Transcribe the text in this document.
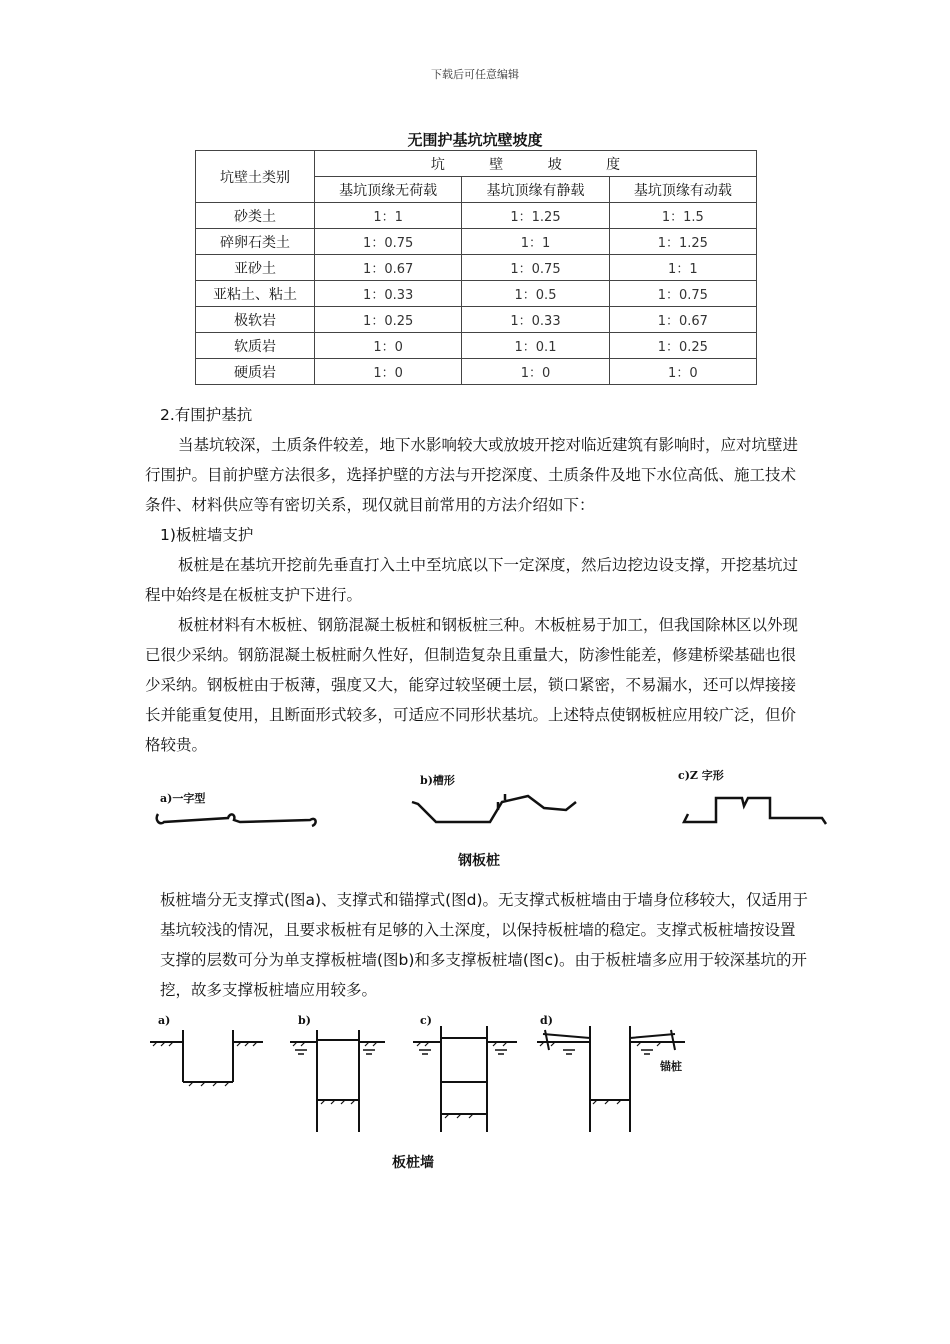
下载后可任意编辑
无围护基坑坑壁坡度
坑壁土类别	坑 壁 坡 度		
	基坑顶缘无荷载	基坑顶缘有静载	基坑顶缘有动载
砂类土	1：1	1：1.25	1：1.5
碎卵石类土	1：0.75	1：1	1：1.25
亚砂土	1：0.67	1：0.75	1：1
亚粘土、粘土	1：0.33	1：0.5	1：0.75
极软岩	1：0.25	1：0.33	1：0.67
软质岩	1：0	1：0.1	1：0.25
硬质岩	1：0	1：0	1：0

2.有围护基抗

当基坑较深，土质条件较差，地下水影响较大或放坡开挖对临近建筑有影响时，应对坑壁进行围护。目前护壁方法很多，选择护壁的方法与开挖深度、土质条件及地下水位高低、施工技术条件、材料供应等有密切关系，现仅就目前常用的方法介绍如下：

1)板桩墙支护

板桩是在基坑开挖前先垂直打入土中至坑底以下一定深度，然后边挖边设支撑，开挖基坑过程中始终是在板桩支护下进行。

板桩材料有木板桩、钢筋混凝土板桩和钢板桩三种。木板桩易于加工，但我国除林区以外现已很少采纳。钢筋混凝土板桩耐久性好，但制造复杂且重量大，防渗性能差，修建桥梁基础也很少采纳。钢板桩由于板薄，强度又大，能穿过较坚硬土层，锁口紧密，不易漏水，还可以焊接接长并能重复使用，且断面形式较多，可适应不同形状基坑。上述特点使钢板桩应用较广泛，但价格较贵。

a)一字型
b)槽形	c)Z 字形
钢板桩

板桩墙分无支撑式(图a)、支撑式和锚撑式(图d)。无支撑式板桩墙由于墙身位移较大，仅适用于基坑较浅的情况，且要求板桩有足够的入土深度，以保持板桩墙的稳定。支撑式板桩墙按设置支撑的层数可分为单支撑板桩墙(图b)和多支撑板桩墙(图c)。由于板桩墙多应用于较深基坑的开挖，故多支撑板桩墙应用较多。

a)	b)	c)	d)
锚桩
板桩墙
